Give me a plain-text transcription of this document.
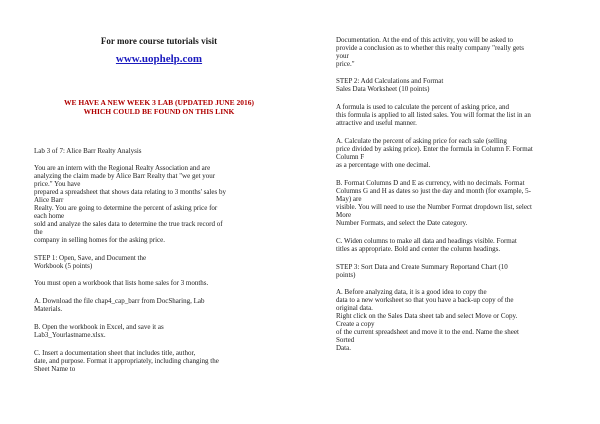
For more course tutorials visit
www.uophelp.com
WE HAVE A NEW WEEK 3 LAB (UPDATED JUNE 2016)
WHICH COULD BE FOUND ON THIS LINK
Lab 3 of 7: Alice Barr Realty Analysis
You are an intern with the Regional Realty Association and are
analyzing the claim made by Alice Barr Realty that "we get your
price." You have
prepared a spreadsheet that shows data relating to 3 months' sales by
Alice Barr
Realty. You are going to determine the percent of asking price for
each home
sold and analyze the sales data to determine the true track record of
the
company in selling homes for the asking price.
STEP 1: Open, Save, and Document the
Workbook (5 points)
You must open a workbook that lists home sales for 3 months.
A. Download the file chap4_cap_barr from DocSharing, Lab
Materials.
B. Open the workbook in Excel, and save it as
Lab3_Yourlastname.xlsx.
C. Insert a documentation sheet that includes title, author,
date, and purpose. Format it appropriately, including changing the
Sheet Name to
Documentation. At the end of this activity, you will be asked to
provide a conclusion as to whether this realty company "really gets
your
price."
STEP 2: Add Calculations and Format
Sales Data Worksheet (10 points)
A formula is used to calculate the percent of asking price, and
this formula is applied to all listed sales. You will format the list in an
attractive and useful manner.
A. Calculate the percent of asking price for each sale (selling
price divided by asking price). Enter the formula in Column F. Format
Column F
as a percentage with one decimal.
B. Format Columns D and E as currency, with no decimals. Format
Columns G and H as dates so just the day and month (for example, 5-
May) are
visible. You will need to use the Number Format dropdown list, select
More
Number Formats, and select the Date category.
C. Widen columns to make all data and headings visible. Format
titles as appropriate. Bold and center the column headings.
STEP 3: Sort Data and Create Summary Reportand Chart (10
points)
A. Before analyzing data, it is a good idea to copy the
data to a new worksheet so that you have a back-up copy of the
original data.
Right click on the Sales Data sheet tab and select Move or Copy.
Create a copy
of the current spreadsheet and move it to the end. Name the sheet
Sorted
Data.
